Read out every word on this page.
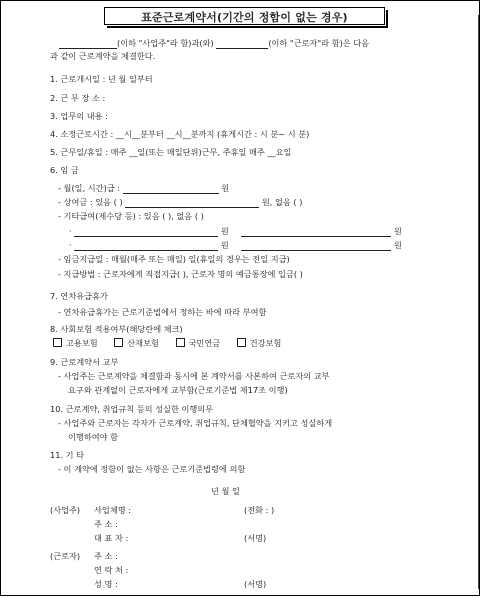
표준근로계약서(기간의 정함이 없는 경우)
(이하 "사업주"라 함)과(와)	(이하 "근로자"라 함)은 다음
과 같이 근로계약을 체결한다.
1. 근로개시일 : 년 월 일부터
2. 근 무 장 소 :
3. 업무의 내용 :
4. 소정근로시간 : __시__분부터 __시__분까지 (휴게시간 : 시 분~ 시 분)
5. 근무일/휴일 : 매주 __일(또는 매일단위)근무, 주휴일 매주 __요일
6. 임 금
- 월(일, 시간)급 :	원
- 상여금 : 있음 ( )	원, 없음 ( )
- 기타급여(제수당 등) : 있음 ( ), 없음 ( )
·	원	원
·	원	원
- 임금지급일 : 매월(매주 또는 매일) 일(휴일의 경우는 전일 지급)
- 지급방법 : 근로자에게 직접지급( ), 근로자 명의 예금통장에 입금( )
7. 연차유급휴가
- 연차유급휴가는 근로기준법에서 정하는 바에 따라 부여함
8. 사회보험 적용여부(해당란에 체크)
고용보험	산재보험	국민연금	건강보험
9. 근로계약서 교부
- 사업주는 근로계약을 체결함과 동시에 본 계약서를 사본하여 근로자의 교부
요구와 관계없이 근로자에게 교부함(근로기준법 제17조 이행)
10. 근로계약, 취업규칙 등의 성실한 이행의무
- 사업주와 근로자는 각자가 근로계약, 취업규칙, 단체협약을 지키고 성실하게
이행하여야 함
11. 기 타
- 이 계약에 정함이 없는 사항은 근로기준법령에 의함
년 월 일
(사업주) 사업체명 :	(전화 : )
주 소 :
대 표 자 :	(서명)
(근로자) 주 소 :
연 락 처 :
성 명 :	(서명)
